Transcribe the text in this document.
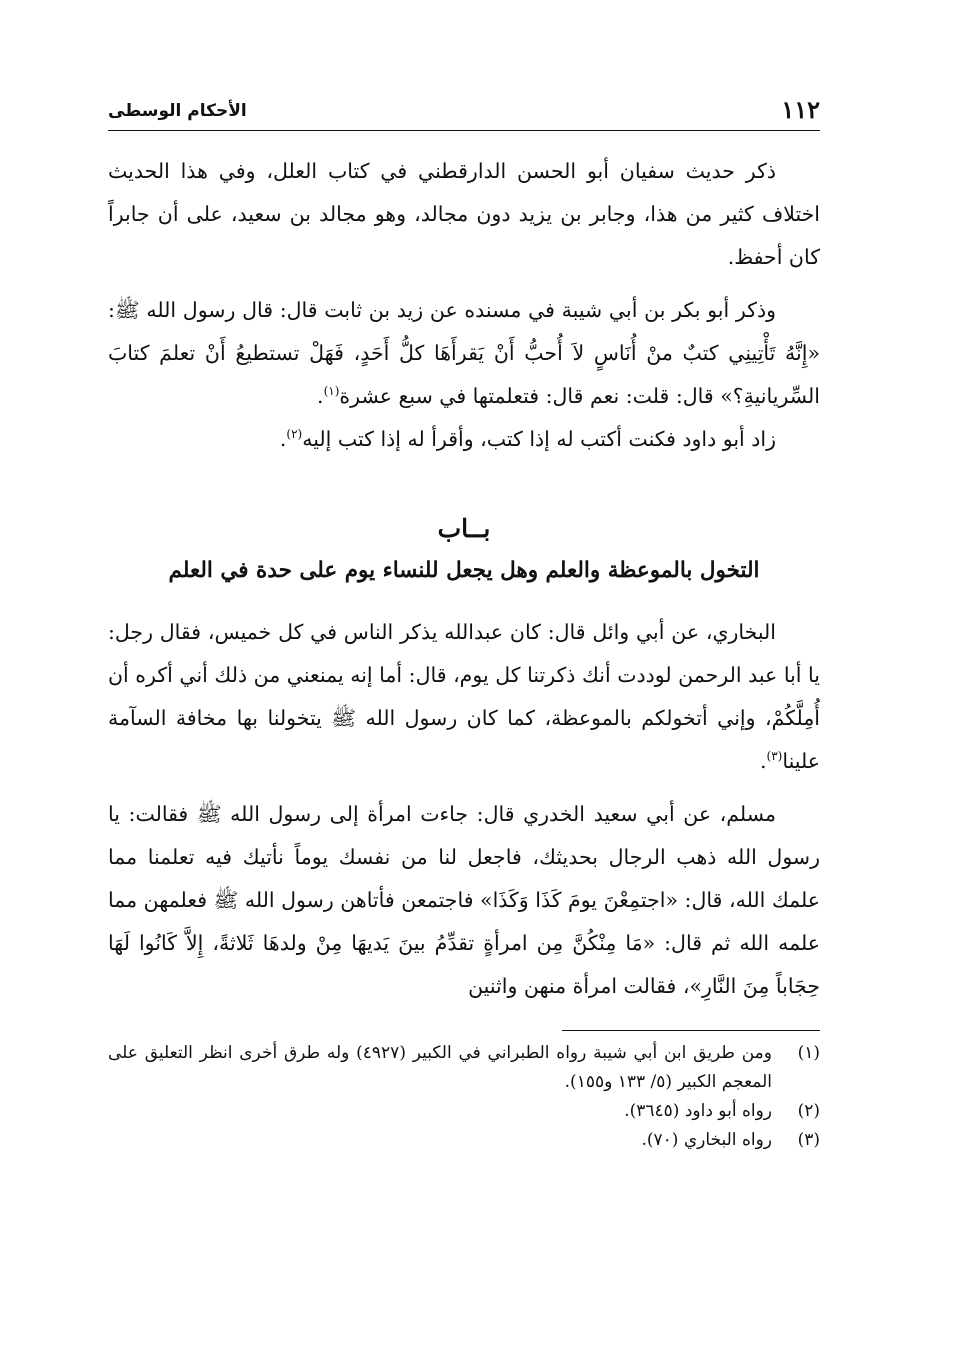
١١٢
الأحكام الوسطى

ذكر حديث سفيان أبو الحسن الدارقطني في كتاب العلل، وفي هذا الحديث اختلاف كثير من هذا، وجابر بن يزيد دون مجالد، وهو مجالد بن سعيد، على أن جابراً كان أحفظ.

وذكر أبو بكر بن أبي شيبة في مسنده عن زيد بن ثابت قال: قال رسول الله ﷺ: «إِنَّهُ تَأْتِينِي كتبٌ منْ أُنَاسٍ لاَ أُحبُّ أَنْ يَقرأَهَا كلُّ أَحَدٍ، فَهَلْ تستطيعُ أَنْ تعلمَ كتابَ السِّريانيةِ؟» قال: قلت: نعم قال: فتعلمتها في سبع عشرة$^{(١)}$.

زاد أبو داود فكنت أكتب له إذا كتب، وأقرأ له إذا كتب إليه$^{(٢)}$.

بــاب

التخول بالموعظة والعلم وهل يجعل للنساء يوم على حدة في العلم

البخاري، عن أبي وائل قال: كان عبدالله يذكر الناس في كل خميس، فقال رجل: يا أبا عبد الرحمن لوددت أنك ذكرتنا كل يوم، قال: أما إنه يمنعني من ذلك أني أكره أن أُمِلَّكُمْ، وإني أتخولكم بالموعظة، كما كان رسول الله ﷺ يتخولنا بها مخافة السآمة علينا$^{(٣)}$.

مسلم، عن أبي سعيد الخدري قال: جاءت امرأة إلى رسول الله ﷺ فقالت: يا رسول الله ذهب الرجال بحديثك، فاجعل لنا من نفسك يوماً نأتيك فيه تعلمنا مما علمك الله، قال: «اجتمِعْنَ يومَ كَذَا وَكَذَا» فاجتمعن فأتاهن رسول الله ﷺ فعلمهن مما علمه الله ثم قال: «مَا مِنْكُنَّ مِن امرأةٍ تقدِّمُ بينَ يَديهَا مِنْ ولدهَا ثَلاثةً، إِلاَّ كَانُوا لَهَا حِجَاباً مِنَ النَّارِ»، فقالت امرأة منهن واثنين

(١)
ومن طريق ابن أبي شيبة رواه الطبراني في الكبير (٤٩٢٧) وله طرق أخرى انظر التعليق على المعجم الكبير (٥/ ١٣٣ و١٥٥).
(٢)
رواه أبو داود (٣٦٤٥).
(٣)
رواه البخاري (٧٠).
